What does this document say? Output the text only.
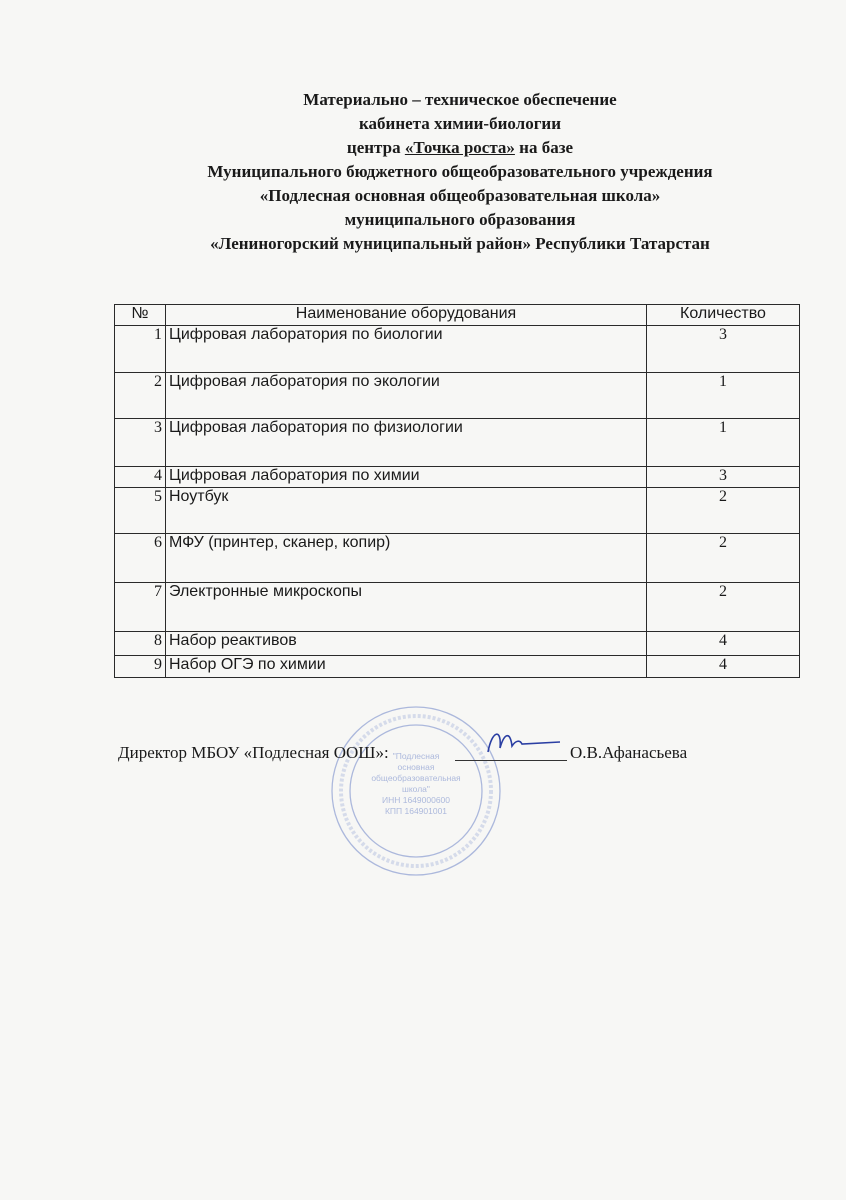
Материально – техническое обеспечение
кабинета химии-биологии
центра «Точка роста» на базе
Муниципального бюджетного общеобразовательного учреждения
«Подлесная основная общеобразовательная школа»
муниципального образования
«Лениногорский муниципальный район» Республики Татарстан
№	Наименование оборудования	Количество
1	Цифровая лаборатория по биологии	3
2	Цифровая лаборатория по экологии	1
3	Цифровая лаборатория по физиологии	1
4	Цифровая лаборатория по химии	3
5	Ноутбук	2
6	МФУ (принтер, сканер, копир)	2
7	Электронные микроскопы	2
8	Набор реактивов	4
9	Набор ОГЭ по химии	4
"Подлесная
основная
общеобразовательная
школа"
ИНН 1649000600
КПП 164901001
Директор МБОУ «Подлесная ООШ»:	О.В.Афанасьева
